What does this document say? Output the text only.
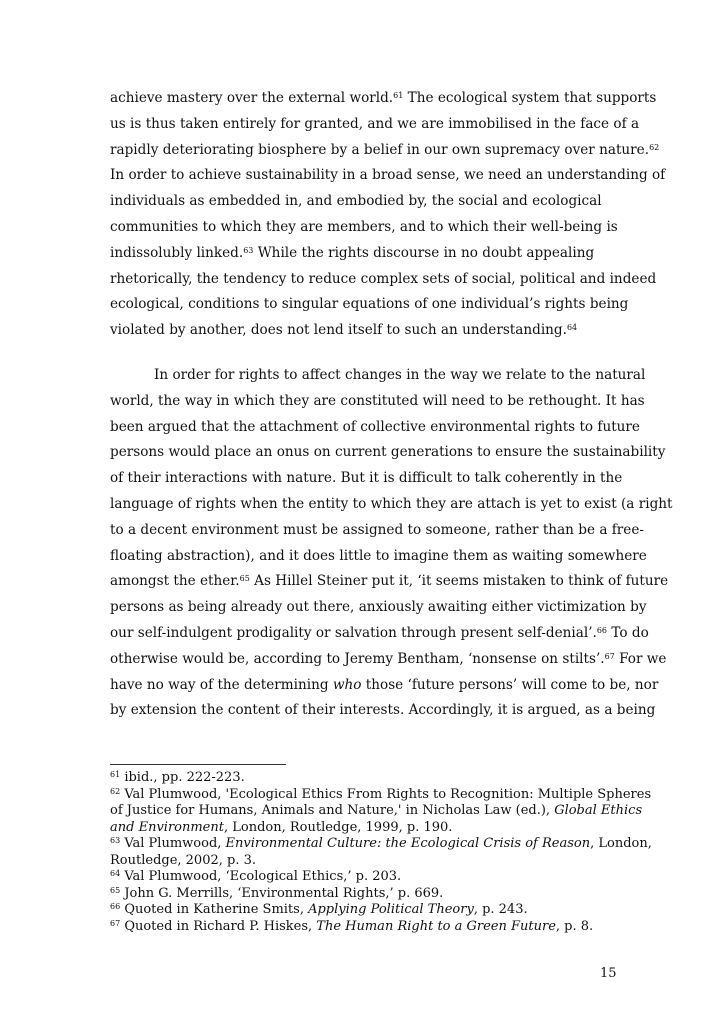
achieve mastery over the external world.$^{61}$ The ecological system that supports
us is thus taken entirely for granted, and we are immobilised in the face of a
rapidly deteriorating biosphere by a belief in our own supremacy over nature.$^{62}$
In order to achieve sustainability in a broad sense, we need an understanding of
individuals as embedded in, and embodied by, the social and ecological
communities to which they are members, and to which their well-being is
indissolubly linked.$^{63}$ While the rights discourse in no doubt appealing
rhetorically, the tendency to reduce complex sets of social, political and indeed
ecological, conditions to singular equations of one individual’s rights being
violated by another, does not lend itself to such an understanding.$^{64}$
In order for rights to affect changes in the way we relate to the natural
world, the way in which they are constituted will need to be rethought. It has
been argued that the attachment of collective environmental rights to future
persons would place an onus on current generations to ensure the sustainability
of their interactions with nature. But it is difficult to talk coherently in the
language of rights when the entity to which they are attach is yet to exist (a right
to a decent environment must be assigned to someone, rather than be a free-
floating abstraction), and it does little to imagine them as waiting somewhere
amongst the ether.$^{65}$ As Hillel Steiner put it, ‘it seems mistaken to think of future
persons as being already out there, anxiously awaiting either victimization by
our self-indulgent prodigality or salvation through present self-denial’.$^{66}$ To do
otherwise would be, according to Jeremy Bentham, ‘nonsense on stilts’.$^{67}$ For we
have no way of the determining who those ‘future persons’ will come to be, nor
by extension the content of their interests. Accordingly, it is argued, as a being
$^{61}$ ibid., pp. 222-223.
$^{62}$ Val Plumwood, 'Ecological Ethics From Rights to Recognition: Multiple Spheres
of Justice for Humans, Animals and Nature,' in Nicholas Law (ed.), Global Ethics
and Environment, London, Routledge, 1999, p. 190.
$^{63}$ Val Plumwood, Environmental Culture: the Ecological Crisis of Reason, London,
Routledge, 2002, p. 3.
$^{64}$ Val Plumwood, ‘Ecological Ethics,’ p. 203.
$^{65}$ John G. Merrills, ‘Environmental Rights,’ p. 669.
$^{66}$ Quoted in Katherine Smits, Applying Political Theory, p. 243.
$^{67}$ Quoted in Richard P. Hiskes, The Human Right to a Green Future, p. 8.
15
